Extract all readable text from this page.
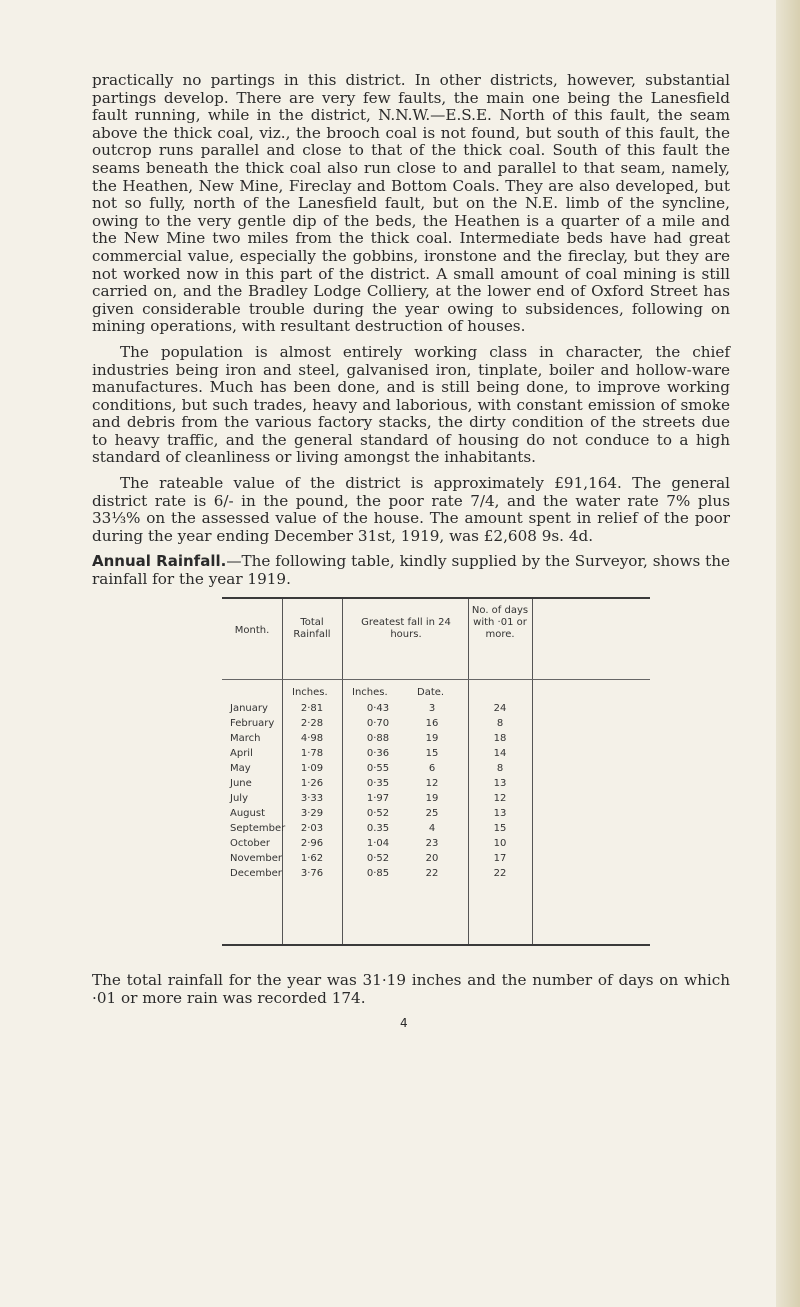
practically no partings in this district. In other districts, however, substantial partings develop. There are very few faults, the main one being the Lanesfield fault running, while in the district, N.N.W.—E.S.E. North of this fault, the seam above the thick coal, viz., the brooch coal is not found, but south of this fault, the outcrop runs parallel and close to that of the thick coal. South of this fault the seams beneath the thick coal also run close to and parallel to that seam, namely, the Heathen, New Mine, Fireclay and Bottom Coals. They are also developed, but not so fully, north of the Lanesfield fault, but on the N.E. limb of the syncline, owing to the very gentle dip of the beds, the Heathen is a quarter of a mile and the New Mine two miles from the thick coal. Intermediate beds have had great commercial value, especially the gobbins, ironstone and the fireclay, but they are not worked now in this part of the district. A small amount of coal mining is still carried on, and the Bradley Lodge Colliery, at the lower end of Oxford Street has given considerable trouble during the year owing to subsidences, following on mining operations, with resultant destruction of houses.

The population is almost entirely working class in character, the chief industries being iron and steel, galvanised iron, tinplate, boiler and hollow-ware manufactures. Much has been done, and is still being done, to improve working conditions, but such trades, heavy and laborious, with constant emission of smoke and debris from the various factory stacks, the dirty condition of the streets due to heavy traffic, and the general standard of housing do not conduce to a high standard of cleanliness or living amongst the inhabitants.

The rateable value of the district is approximately £91,164. The general district rate is 6/- in the pound, the poor rate 7/4, and the water rate 7% plus 33⅓% on the assessed value of the house. The amount spent in relief of the poor during the year ending December 31st, 1919, was £2,608 9s. 4d.

Annual Rainfall.—The following table, kindly supplied by the Surveyor, shows the rainfall for the year 1919.

Month.
Total Rainfall
Greatest fall in 24 hours.
No. of days with ·01 or more.
Inches. Inches.	Date.
January	2·81	0·43	3	24
February	2·28	0·70	16	8
March	4·98	0·88	19	18
April	1·78	0·36	15	14
May	1·09	0·55	6	8
June	1·26	0·35	12	13
July	3·33	1·97	19	12
August	3·29	0·52	25	13
September	2·03	0.35	4	15
October	2·96	1·04	23	10
November	1·62	0·52	20	17
December	3·76	0·85	22	22
The total rainfall for the year was 31·19 inches and the number of days on which ·01 or more rain was recorded 174.
4
